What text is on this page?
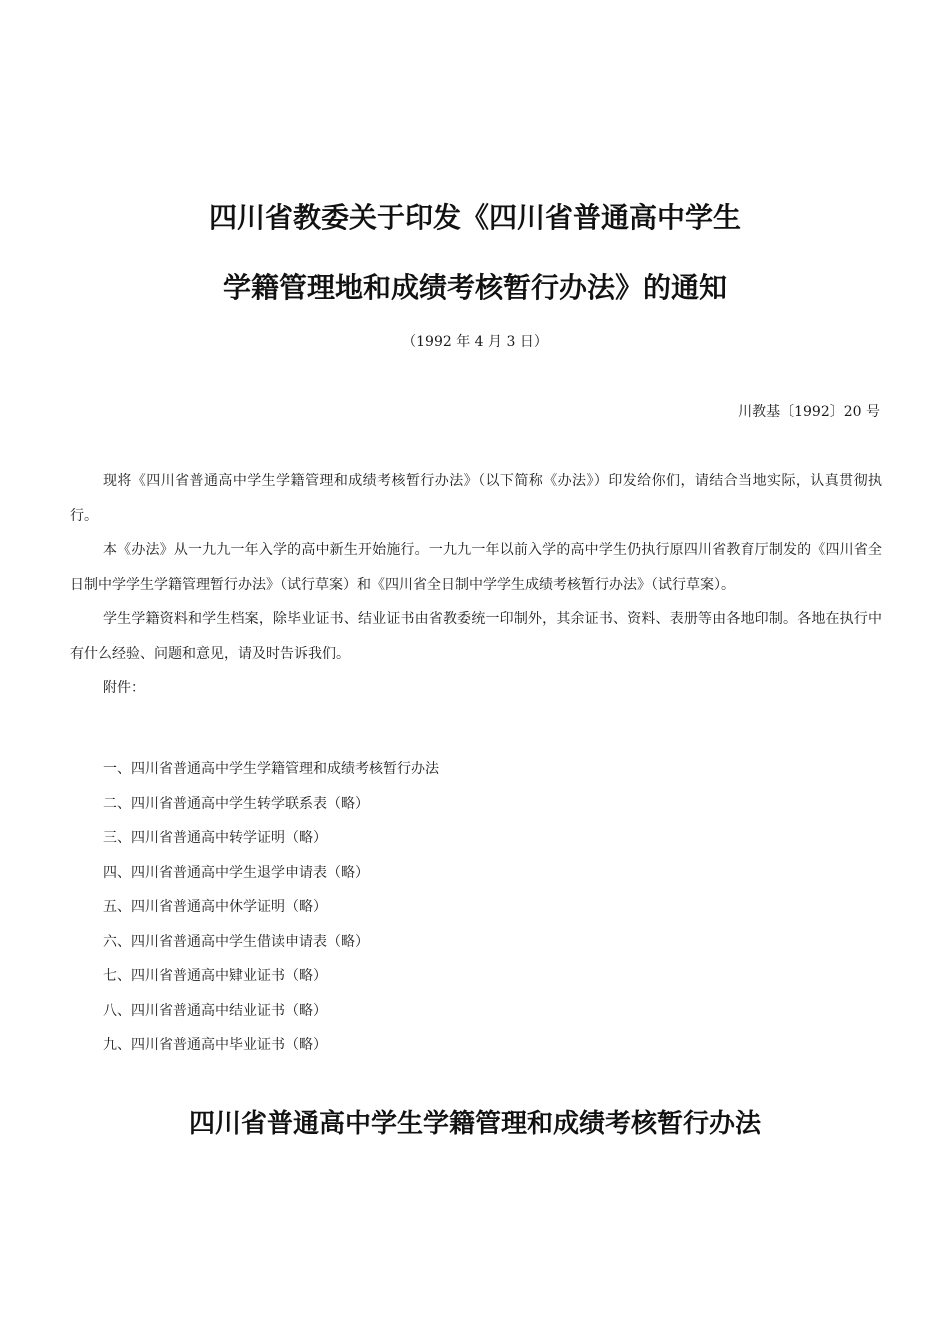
四川省教委关于印发《四川省普通高中学生
学籍管理地和成绩考核暂行办法》的通知
（1992 年 4 月 3 日）
川教基〔1992〕20 号

现将《四川省普通高中学生学籍管理和成绩考核暂行办法》（以下简称《办法》）印发给你们，请结合当地实际，认真贯彻执行。

本《办法》从一九九一年入学的高中新生开始施行。一九九一年以前入学的高中学生仍执行原四川省教育厅制发的《四川省全日制中学学生学籍管理暂行办法》（试行草案）和《四川省全日制中学学生成绩考核暂行办法》（试行草案）。

学生学籍资料和学生档案，除毕业证书、结业证书由省教委统一印制外，其余证书、资料、表册等由各地印制。各地在执行中有什么经验、问题和意见，请及时告诉我们。

附件：

一、四川省普通高中学生学籍管理和成绩考核暂行办法
二、四川省普通高中学生转学联系表（略）
三、四川省普通高中转学证明（略）
四、四川省普通高中学生退学申请表（略）
五、四川省普通高中休学证明（略）
六、四川省普通高中学生借读申请表（略）
七、四川省普通高中肄业证书（略）
八、四川省普通高中结业证书（略）
九、四川省普通高中毕业证书（略）
四川省普通高中学生学籍管理和成绩考核暂行办法
